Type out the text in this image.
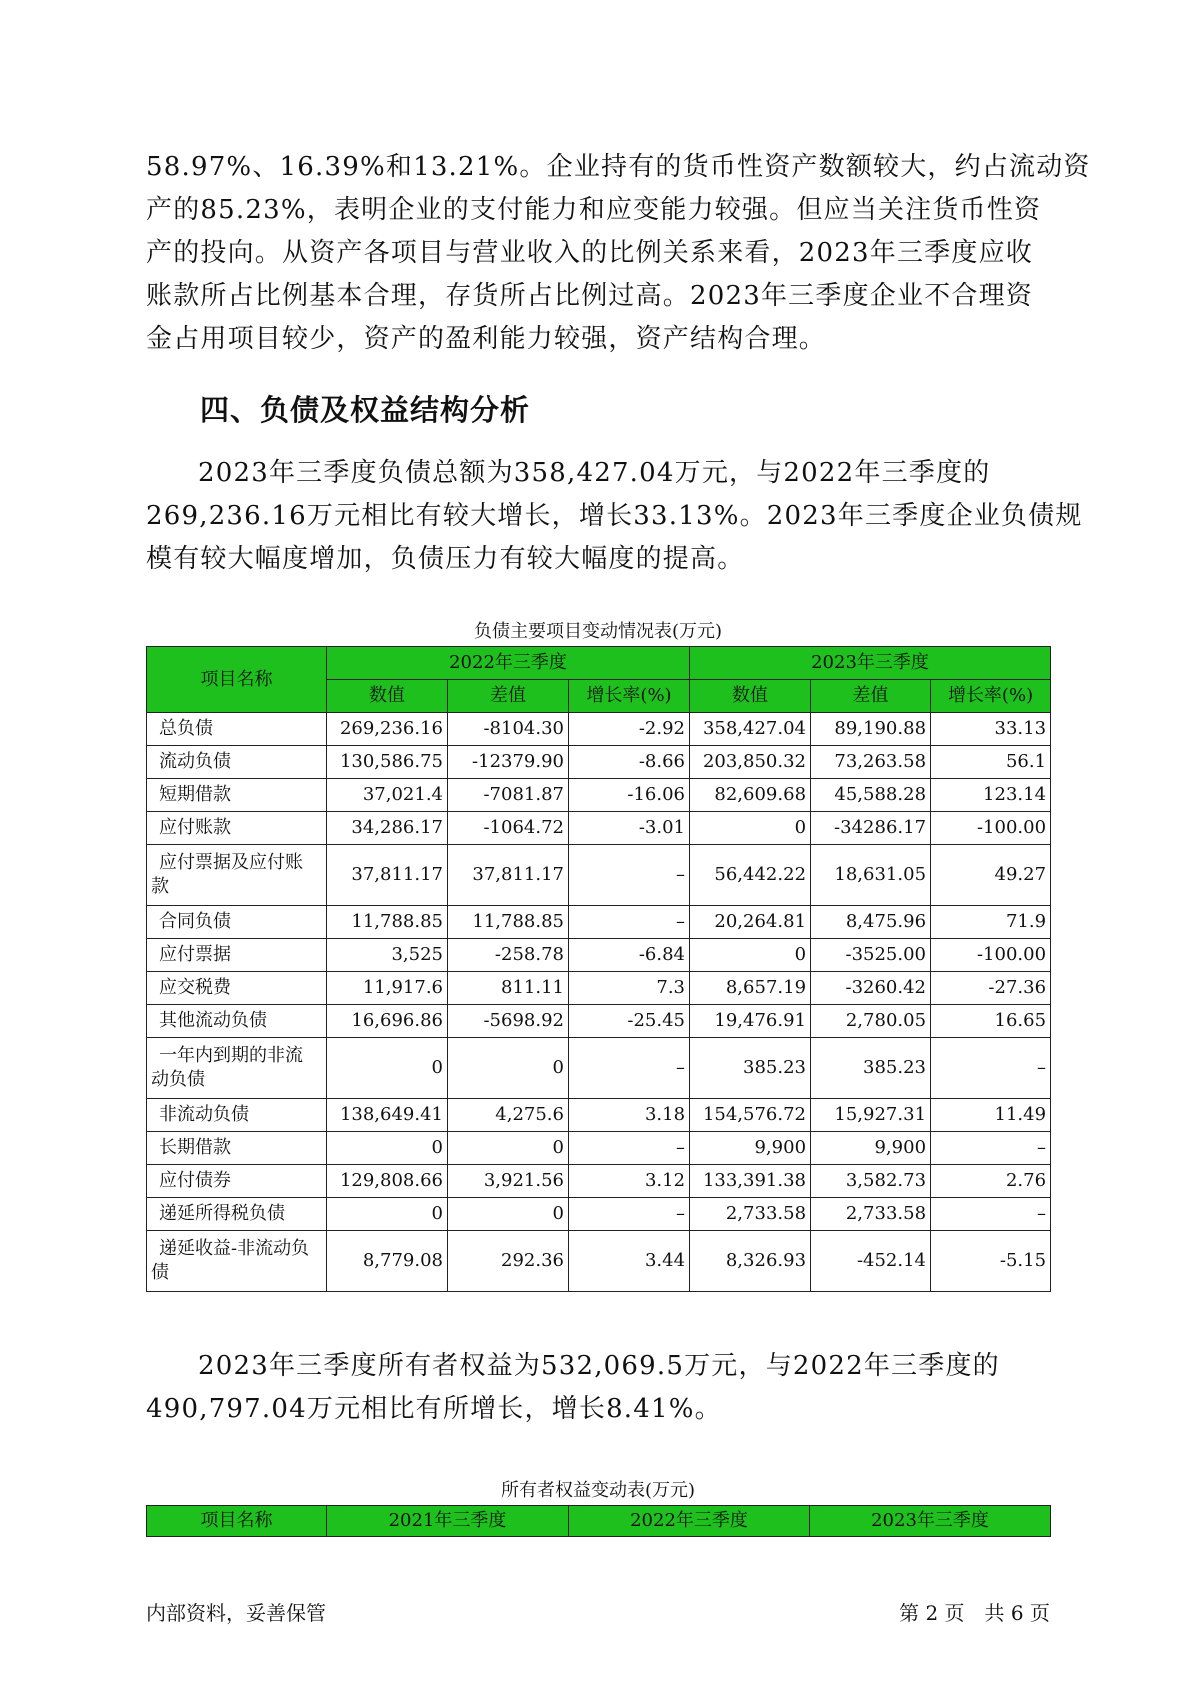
58.97%、16.39%和13.21%。企业持有的货币性资产数额较大，约占流动资
产的85.23%，表明企业的支付能力和应变能力较强。但应当关注货币性资
产的投向。从资产各项目与营业收入的比例关系来看，2023年三季度应收
账款所占比例基本合理，存货所占比例过高。2023年三季度企业不合理资
金占用项目较少，资产的盈利能力较强，资产结构合理。
四、负债及权益结构分析
2023年三季度负债总额为358,427.04万元，与2022年三季度的
269,236.16万元相比有较大增长，增长33.13%。2023年三季度企业负债规
模有较大幅度增加，负债压力有较大幅度的提高。

负债主要项目变动情况表(万元)

项目名称	2022年三季度			2023年三季度		
	数值	差值	增长率(%)	数值	差值	增长率(%)
总负债	269,236.16	-8104.30	-2.92	358,427.04	89,190.88	33.13
流动负债	130,586.75	-12379.90	-8.66	203,850.32	73,263.58	56.1
短期借款	37,021.4	-7081.87	-16.06	82,609.68	45,588.28	123.14
应付账款	34,286.17	-1064.72	-3.01	0	-34286.17	-100.00
应付票据及应付账
款	37,811.17	37,811.17	–	56,442.22	18,631.05	49.27
合同负债	11,788.85	11,788.85	–	20,264.81	8,475.96	71.9
应付票据	3,525	-258.78	-6.84	0	-3525.00	-100.00
应交税费	11,917.6	811.11	7.3	8,657.19	-3260.42	-27.36
其他流动负债	16,696.86	-5698.92	-25.45	19,476.91	2,780.05	16.65
一年内到期的非流
动负债	0	0	–	385.23	385.23	–
非流动负债	138,649.41	4,275.6	3.18	154,576.72	15,927.31	11.49
长期借款	0	0	–	9,900	9,900	–
应付债券	129,808.66	3,921.56	3.12	133,391.38	3,582.73	2.76
递延所得税负债	0	0	–	2,733.58	2,733.58	–
递延收益-非流动负
债	8,779.08	292.36	3.44	8,326.93	-452.14	-5.15
2023年三季度所有者权益为532,069.5万元，与2022年三季度的
490,797.04万元相比有所增长，增长8.41%。

所有者权益变动表(万元)

项目名称	2021年三季度	2022年三季度	2023年三季度

内部资料，妥善保管	第 2 页　共 6 页
